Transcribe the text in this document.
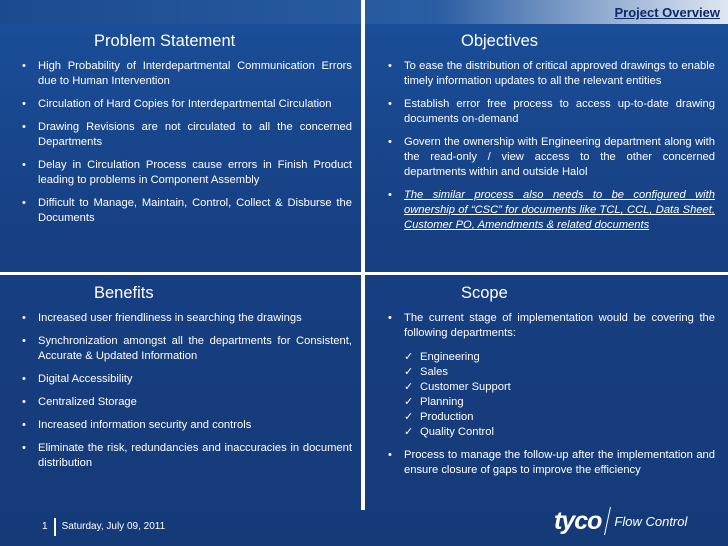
Project Overview
Problem Statement
• High Probability of Interdepartmental Communication Errors due to Human Intervention
• Circulation of Hard Copies for Interdepartmental Circulation
• Drawing Revisions are not circulated to all the concerned Departments
• Delay in Circulation Process cause errors in Finish Product leading to problems in Component Assembly
• Difficult to Manage, Maintain, Control, Collect & Disburse the Documents
Objectives
• To ease the distribution of critical approved drawings to enable timely information updates to all the relevant entities
• Establish error free process to access up-to-date drawing documents on-demand
• Govern the ownership with Engineering department along with the read-only / view access to the other concerned departments within and outside Halol
• The similar process also needs to be configured with ownership of “CSC” for documents like TCL, CCL, Data Sheet, Customer PO, Amendments & related documents
Benefits
• Increased user friendliness in searching the drawings
• Synchronization amongst all the departments for Consistent, Accurate & Updated Information
• Digital Accessibility
• Centralized Storage
• Increased information security and controls
• Eliminate the risk, redundancies and inaccuracies in document distribution
Scope
• The current stage of implementation would be covering the following departments:
✓ Engineering
✓ Sales
✓ Customer Support
✓ Planning
✓ Production
✓ Quality Control
• Process to manage the follow-up after the implementation and ensure closure of gaps to improve the efficiency
1 Saturday, July 09, 2011	tyco Flow Control
